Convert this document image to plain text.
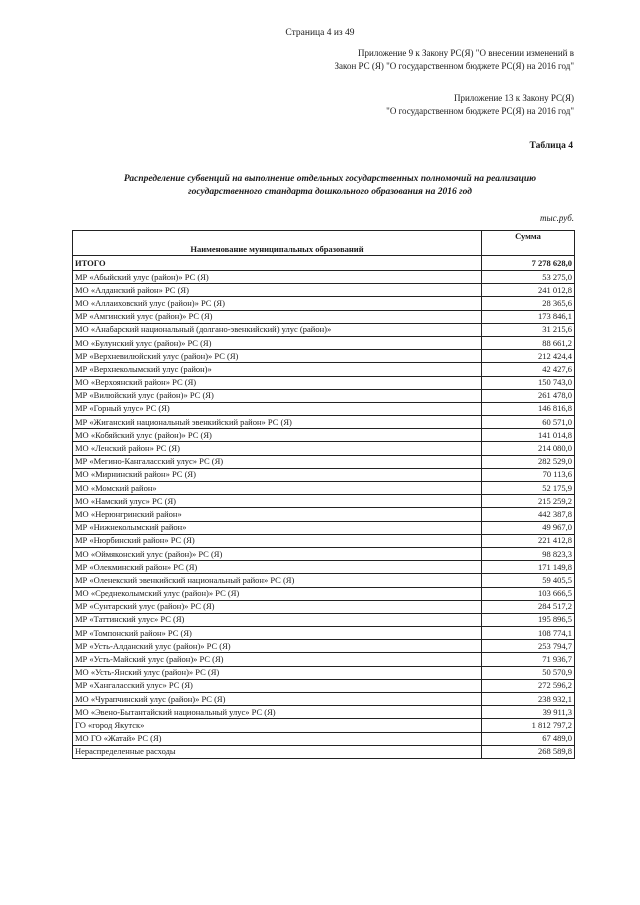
Страница 4 из 49
Приложение 9 к Закону РС(Я) "О внесении изменений в
Закон РС (Я) "О государственном бюджете РС(Я) на 2016 год"
Приложение 13 к Закону РС(Я)
"О государственном бюджете РС(Я) на 2016 год"
Таблица 4
Распределение субвенций на выполнение отдельных государственных полномочий на реализацию
государственного стандарта дошкольного образования на 2016 год
тыс.руб.
Наименование муниципальных образований	Сумма
ИТОГО	7 278 628,0
МР «Абыйский улус (район)» РС (Я)	53 275,0
МО «Алданский район» РС (Я)	241 012,8
МО «Аллаиховский улус (район)» РС (Я)	28 365,6
МР «Амгинский улус (район)» РС (Я)	173 846,1
МО «Анабарский национальный (долгано-эвенкийский) улус (район)»	31 215,6
МО «Булунский улус (район)» РС (Я)	88 661,2
МР «Верхневилюйский улус (район)» РС (Я)	212 424,4
МР «Верхнеколымский улус (район)»	42 427,6
МО «Верхоянский район» РС (Я)	150 743,0
МР «Вилюйский улус (район)» РС (Я)	261 478,0
МР «Горный улус» РС (Я)	146 816,8
МР «Жиганский национальный эвенкийский район» РС (Я)	60 571,0
МО «Кобяйский улус (район)» РС (Я)	141 014,8
МО «Ленский район» РС (Я)	214 080,0
МР «Мегино-Кангаласский улус» РС (Я)	282 529,0
МО «Мирнинский район» РС (Я)	70 113,6
МО «Момский район»	52 175,9
МО «Намский улус» РС (Я)	215 259,2
МО «Нерюнгринский район»	442 387,8
МР «Нижнеколымский район»	49 967,0
МР «Нюрбинский район» РС (Я)	221 412,8
МО «Оймяконский улус (район)» РС (Я)	98 823,3
МР «Олекминский район» РС (Я)	171 149,8
МР «Оленекский эвенкийский национальный район» РС (Я)	59 405,5
МО «Среднеколымский улус (район)» РС (Я)	103 666,5
МР «Сунтарский улус (район)» РС (Я)	284 517,2
МР «Таттинский улус» РС (Я)	195 896,5
МР «Томпонский район» РС (Я)	108 774,1
МР «Усть-Алданский улус (район)» РС (Я)	253 794,7
МР «Усть-Майский улус (район)» РС (Я)	71 936,7
МО «Усть-Янский улус (район)» РС (Я)	50 570,9
МР «Хангаласский улус» РС (Я)	272 596,2
МО «Чурапчинский улус (район)» РС (Я)	238 932,1
МО «Эвено-Бытантайский национальный улус» РС (Я)	39 911,3
ГО «город Якутск»	1 812 797,2
МО ГО «Жатай» РС (Я)	67 489,0
Нераспределенные расходы	268 589,8
